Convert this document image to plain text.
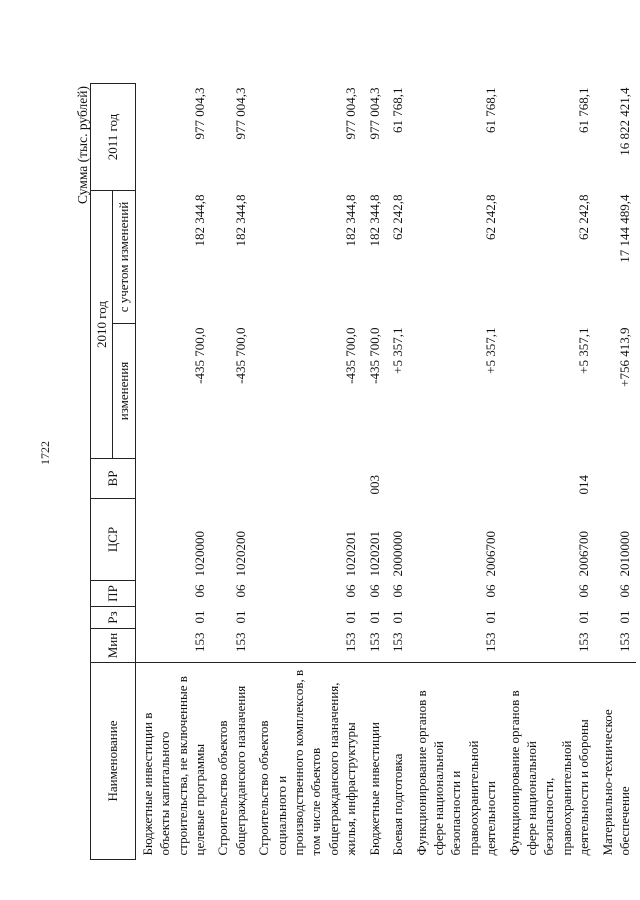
1722
Сумма (тыс. рублей)
Наименование	Мин	Рз	ПР	ЦСР	ВР	2010 год		2011 год
						изменения	с учетом изменений	
Бюджетные инвестиции в объекты капитального строительства, не включенные в целевые программы	153	01	06	1020000		-435 700,0	182 344,8	977 004,3
Строительство объектов общегражданского назначения	153	01	06	1020200		-435 700,0	182 344,8	977 004,3
Строительство объектов социального и производственного комплексов, в том числе объектов общегражданского назначения, жилья, инфраструктуры	153	01	06	1020201		-435 700,0	182 344,8	977 004,3
Бюджетные инвестиции	153	01	06	1020201	003	-435 700,0	182 344,8	977 004,3
Боевая подготовка	153	01	06	2000000		+5 357,1	62 242,8	61 768,1
Функционирование органов в сфере национальной безопасности и правоохранительной деятельности	153	01	06	2006700		+5 357,1	62 242,8	61 768,1
Функционирование органов в сфере национальной безопасности, правоохранительной деятельности и обороны	153	01	06	2006700	014	+5 357,1	62 242,8	61 768,1
Материально-техническое обеспечение	153	01	06	2010000		+756 413,9	17 144 489,4	16 822 421,4
